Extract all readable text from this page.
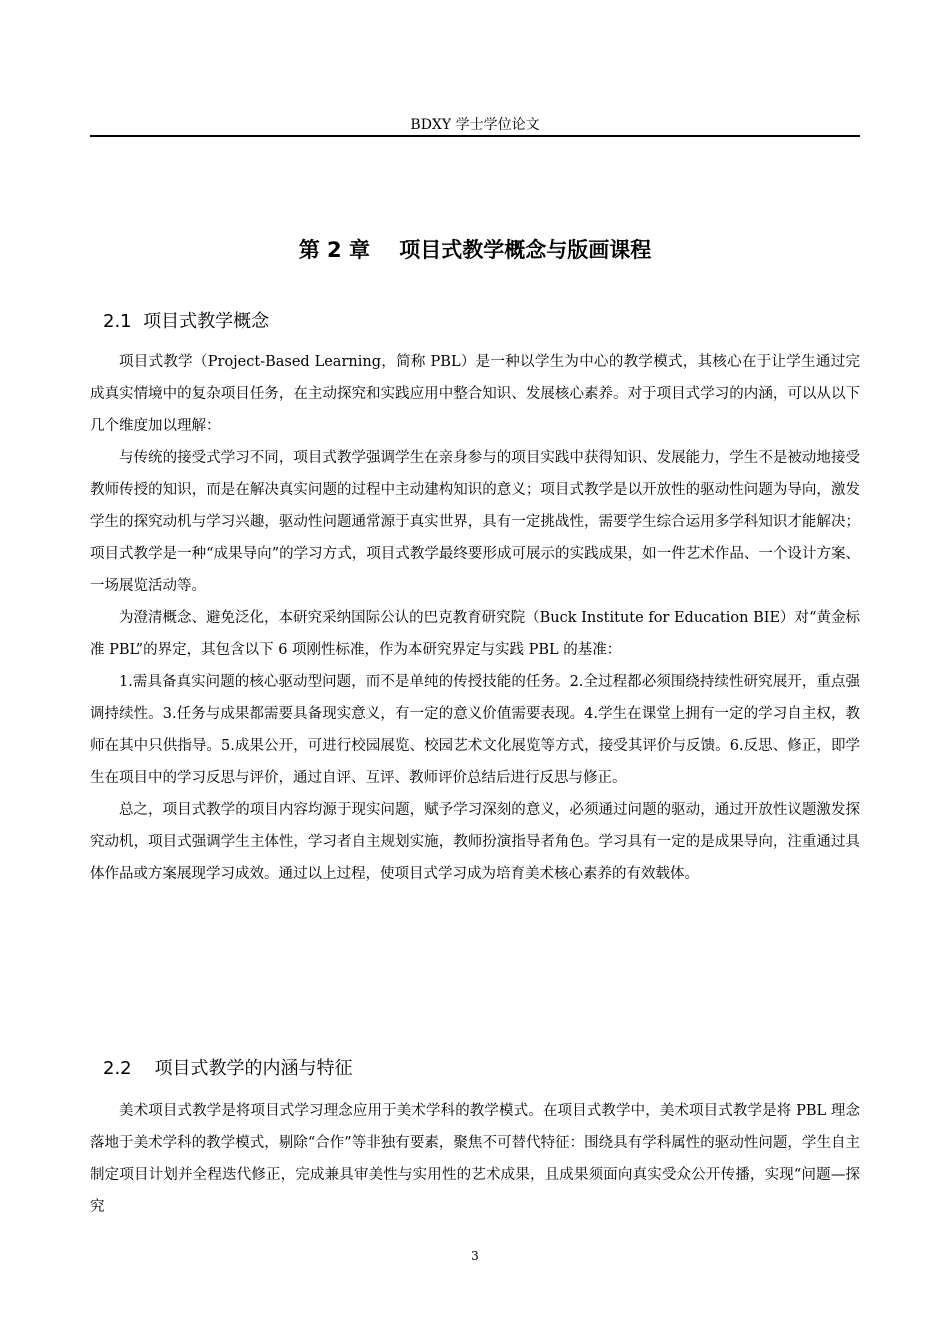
BDXY 学士学位论文
第 2 章    项目式教学概念与版画课程
2.1  项目式教学概念

项目式教学（Project-Based Learning，简称 PBL）是一种以学生为中心的教学模式，其核心在于让学生通过完成真实情境中的复杂项目任务，在主动探究和实践应用中整合知识、发展核心素养。对于项目式学习的内涵，可以从以下几个维度加以理解：

与传统的接受式学习不同，项目式教学强调学生在亲身参与的项目实践中获得知识、发展能力，学生不是被动地接受教师传授的知识，而是在解决真实问题的过程中主动建构知识的意义；项目式教学是以开放性的驱动性问题为导向，激发学生的探究动机与学习兴趣，驱动性问题通常源于真实世界，具有一定挑战性，需要学生综合运用多学科知识才能解决；项目式教学是一种“成果导向”的学习方式，项目式教学最终要形成可展示的实践成果，如一件艺术作品、一个设计方案、一场展览活动等。

为澄清概念、避免泛化，本研究采纳国际公认的巴克教育研究院（Buck Institute for Education BIE）对“黄金标准 PBL”的界定，其包含以下 6 项刚性标准，作为本研究界定与实践 PBL 的基准：

1.需具备真实问题的核心驱动型问题，而不是单纯的传授技能的任务。2.全过程都必须围绕持续性研究展开，重点强调持续性。3.任务与成果都需要具备现实意义，有一定的意义价值需要表现。4.学生在课堂上拥有一定的学习自主权，教师在其中只供指导。5.成果公开，可进行校园展览、校园艺术文化展览等方式，接受其评价与反馈。6.反思、修正，即学生在项目中的学习反思与评价，通过自评、互评、教师评价总结后进行反思与修正。

总之，项目式教学的项目内容均源于现实问题，赋予学习深刻的意义，必须通过问题的驱动，通过开放性议题激发探究动机，项目式强调学生主体性，学习者自主规划实施，教师扮演指导者角色。学习具有一定的是成果导向，注重通过具体作品或方案展现学习成效。通过以上过程，使项目式学习成为培育美术核心素养的有效载体。

2.2    项目式教学的内涵与特征

美术项目式教学是将项目式学习理念应用于美术学科的教学模式。在项目式教学中，美术项目式教学是将 PBL 理念落地于美术学科的教学模式，剔除“合作”等非独有要素，聚焦不可替代特征：围绕具有学科属性的驱动性问题，学生自主制定项目计划并全程迭代修正，完成兼具审美性与实用性的艺术成果，且成果须面向真实受众公开传播，实现“问题—探究

3
